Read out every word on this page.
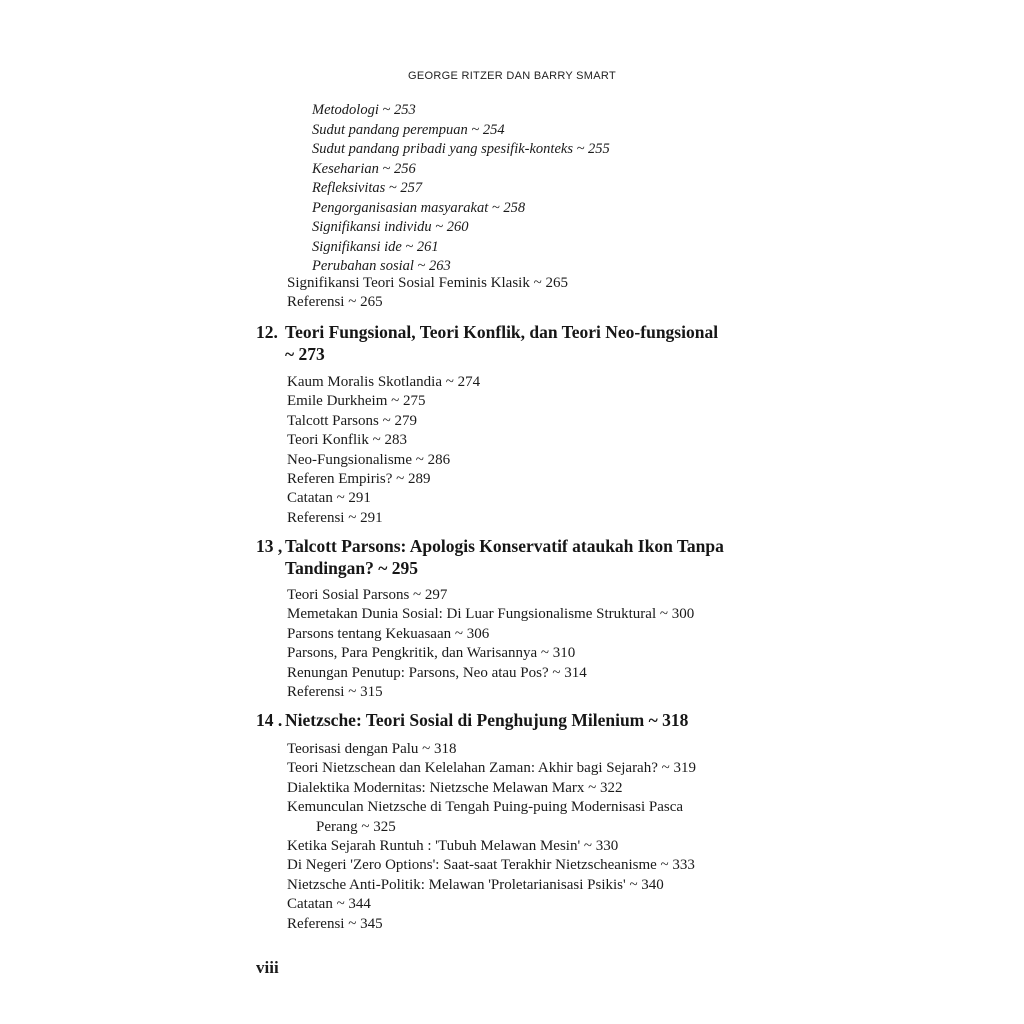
GEORGE RITZER DAN BARRY SMART
Metodologi ~ 253
Sudut pandang perempuan ~ 254
Sudut pandang pribadi yang spesifik-konteks ~ 255
Keseharian ~ 256
Refleksivitas ~ 257
Pengorganisasian masyarakat ~ 258
Signifikansi individu ~ 260
Signifikansi ide ~ 261
Perubahan sosial ~ 263
Signifikansi Teori Sosial Feminis Klasik ~ 265
Referensi ~ 265
12. Teori Fungsional, Teori Konflik, dan Teori Neo-fungsional
~ 273
Kaum Moralis Skotlandia ~ 274
Emile Durkheim ~ 275
Talcott Parsons ~ 279
Teori Konflik ~ 283
Neo-Fungsionalisme ~ 286
Referen Empiris? ~ 289
Catatan ~ 291
Referensi ~ 291
13 , Talcott Parsons: Apologis Konservatif ataukah Ikon Tanpa
Tandingan? ~ 295
Teori Sosial Parsons ~ 297
Memetakan Dunia Sosial: Di Luar Fungsionalisme Struktural ~ 300
Parsons tentang Kekuasaan ~ 306
Parsons, Para Pengkritik, dan Warisannya ~ 310
Renungan Penutup: Parsons, Neo atau Pos? ~ 314
Referensi ~ 315
14 . Nietzsche: Teori Sosial di Penghujung Milenium ~ 318
Teorisasi dengan Palu ~ 318
Teori Nietzschean dan Kelelahan Zaman: Akhir bagi Sejarah? ~ 319
Dialektika Modernitas: Nietzsche Melawan Marx ~ 322
Kemunculan Nietzsche di Tengah Puing-puing Modernisasi Pasca
Perang ~ 325
Ketika Sejarah Runtuh : 'Tubuh Melawan Mesin' ~ 330
Di Negeri 'Zero Options': Saat-saat Terakhir Nietzscheanisme ~ 333
Nietzsche Anti-Politik: Melawan 'Proletarianisasi Psikis' ~ 340
Catatan ~ 344
Referensi ~ 345
viii
